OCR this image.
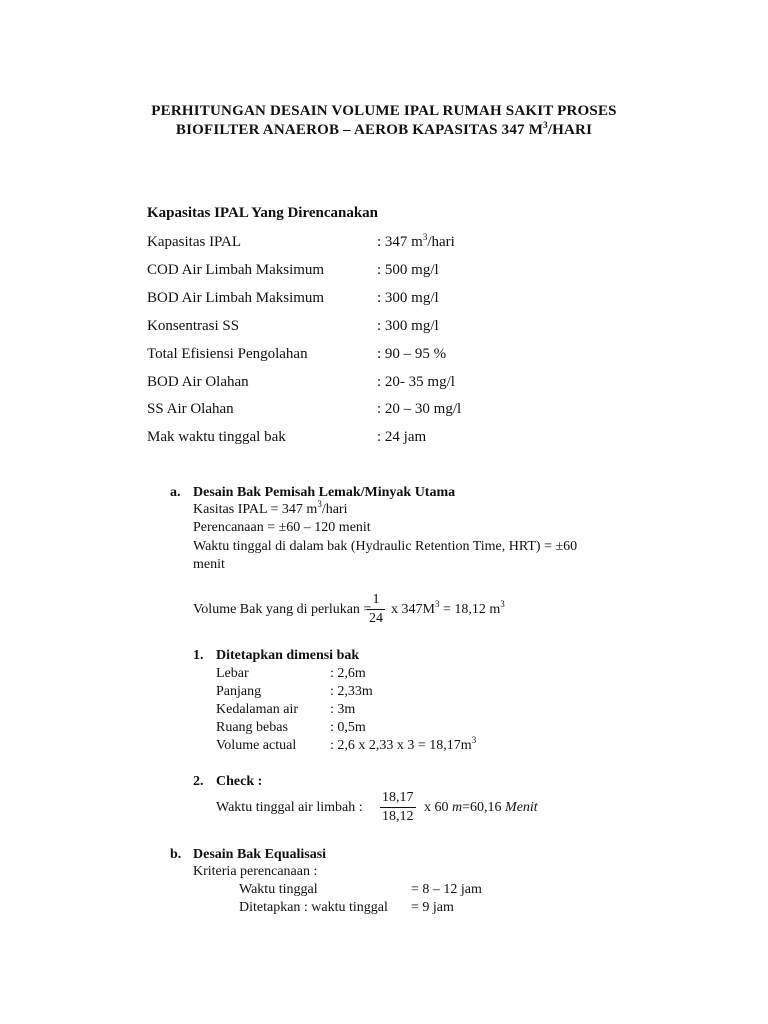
PERHITUNGAN DESAIN VOLUME IPAL RUMAH SAKIT PROSES
BIOFILTER ANAEROB – AEROB KAPASITAS 347 $M^3$/HARI
Kapasitas IPAL Yang Direncanakan
Kapasitas IPAL	: 347 $m^3$/hari
COD Air Limbah Maksimum	: 500 mg/l
BOD Air Limbah Maksimum	: 300 mg/l
Konsentrasi SS	: 300 mg/l
Total Efisiensi Pengolahan	: 90 – 95 %
BOD Air Olahan	: 20- 35 mg/l
SS Air Olahan	: 20 – 30 mg/l
Mak waktu tinggal bak	: 24 jam
a. Desain Bak Pemisah Lemak/Minyak Utama
Kasitas IPAL = 347 $m^3$/hari
Perencanaan = ±60 – 120 menit
Waktu tinggal di dalam bak (Hydraulic Retention Time, HRT) = ±60
menit
Volume Bak yang di perlukan =
$\frac{1}{24}$ x $347M^3 = 18,12$ $m^3$
1. Ditetapkan dimensi bak
Lebar	: 2,6m
Panjang	: 2,33m
Kedalaman air : 3m
Ruang bebas	: 0,5m
Volume actual : 2,6 x 2,33 x $3 = 18,17m^3$
2. Check :
Waktu tinggal air limbah : $\frac{18,17}{18,12}$ x 60 m=60,16 Menit
b. Desain Bak Equalisasi
Kriteria perencanaan :
Waktu tinggal	= 8 – 12 jam
Ditetapkan : waktu tinggal = 9 jam
